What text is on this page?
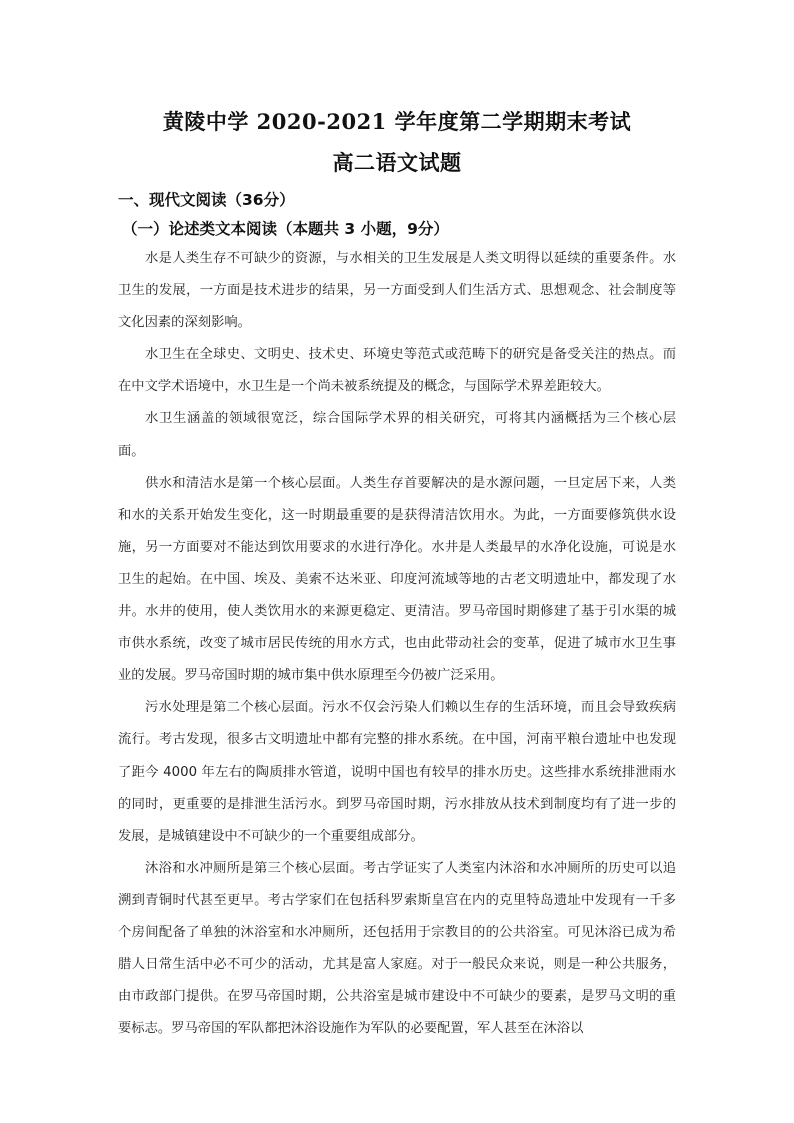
黄陵中学 2020-2021 学年度第二学期期末考试
高二语文试题
一、现代文阅读（36分）
（一）论述类文本阅读（本题共 3 小题，9分）

水是人类生存不可缺少的资源，与水相关的卫生发展是人类文明得以延续的重要条件。水卫生的发展，一方面是技术进步的结果，另一方面受到人们生活方式、思想观念、社会制度等文化因素的深刻影响。

水卫生在全球史、文明史、技术史、环境史等范式或范畴下的研究是备受关注的热点。而在中文学术语境中，水卫生是一个尚未被系统提及的概念，与国际学术界差距较大。

水卫生涵盖的领域很宽泛，综合国际学术界的相关研究，可将其内涵概括为三个核心层面。

供水和清洁水是第一个核心层面。人类生存首要解决的是水源问题，一旦定居下来，人类和水的关系开始发生变化，这一时期最重要的是获得清洁饮用水。为此，一方面要修筑供水设施，另一方面要对不能达到饮用要求的水进行净化。水井是人类最早的水净化设施，可说是水卫生的起始。在中国、埃及、美索不达米亚、印度河流域等地的古老文明遗址中，都发现了水井。水井的使用，使人类饮用水的来源更稳定、更清洁。罗马帝国时期修建了基于引水渠的城市供水系统，改变了城市居民传统的用水方式，也由此带动社会的变革，促进了城市水卫生事业的发展。罗马帝国时期的城市集中供水原理至今仍被广泛采用。

污水处理是第二个核心层面。污水不仅会污染人们赖以生存的生活环境，而且会导致疾病流行。考古发现，很多古文明遗址中都有完整的排水系统。在中国，河南平粮台遗址中也发现了距今 4000 年左右的陶质排水管道，说明中国也有较早的排水历史。这些排水系统排泄雨水的同时，更重要的是排泄生活污水。到罗马帝国时期，污水排放从技术到制度均有了进一步的发展，是城镇建设中不可缺少的一个重要组成部分。

沐浴和水冲厕所是第三个核心层面。考古学证实了人类室内沐浴和水冲厕所的历史可以追溯到青铜时代甚至更早。考古学家们在包括科罗索斯皇宫在内的克里特岛遗址中发现有一千多个房间配备了单独的沐浴室和水冲厕所，还包括用于宗教目的的公共浴室。可见沐浴已成为希腊人日常生活中必不可少的活动，尤其是富人家庭。对于一般民众来说，则是一种公共服务，由市政部门提供。在罗马帝国时期，公共浴室是城市建设中不可缺少的要素，是罗马文明的重要标志。罗马帝国的军队都把沐浴设施作为军队的必要配置，军人甚至在沐浴以
